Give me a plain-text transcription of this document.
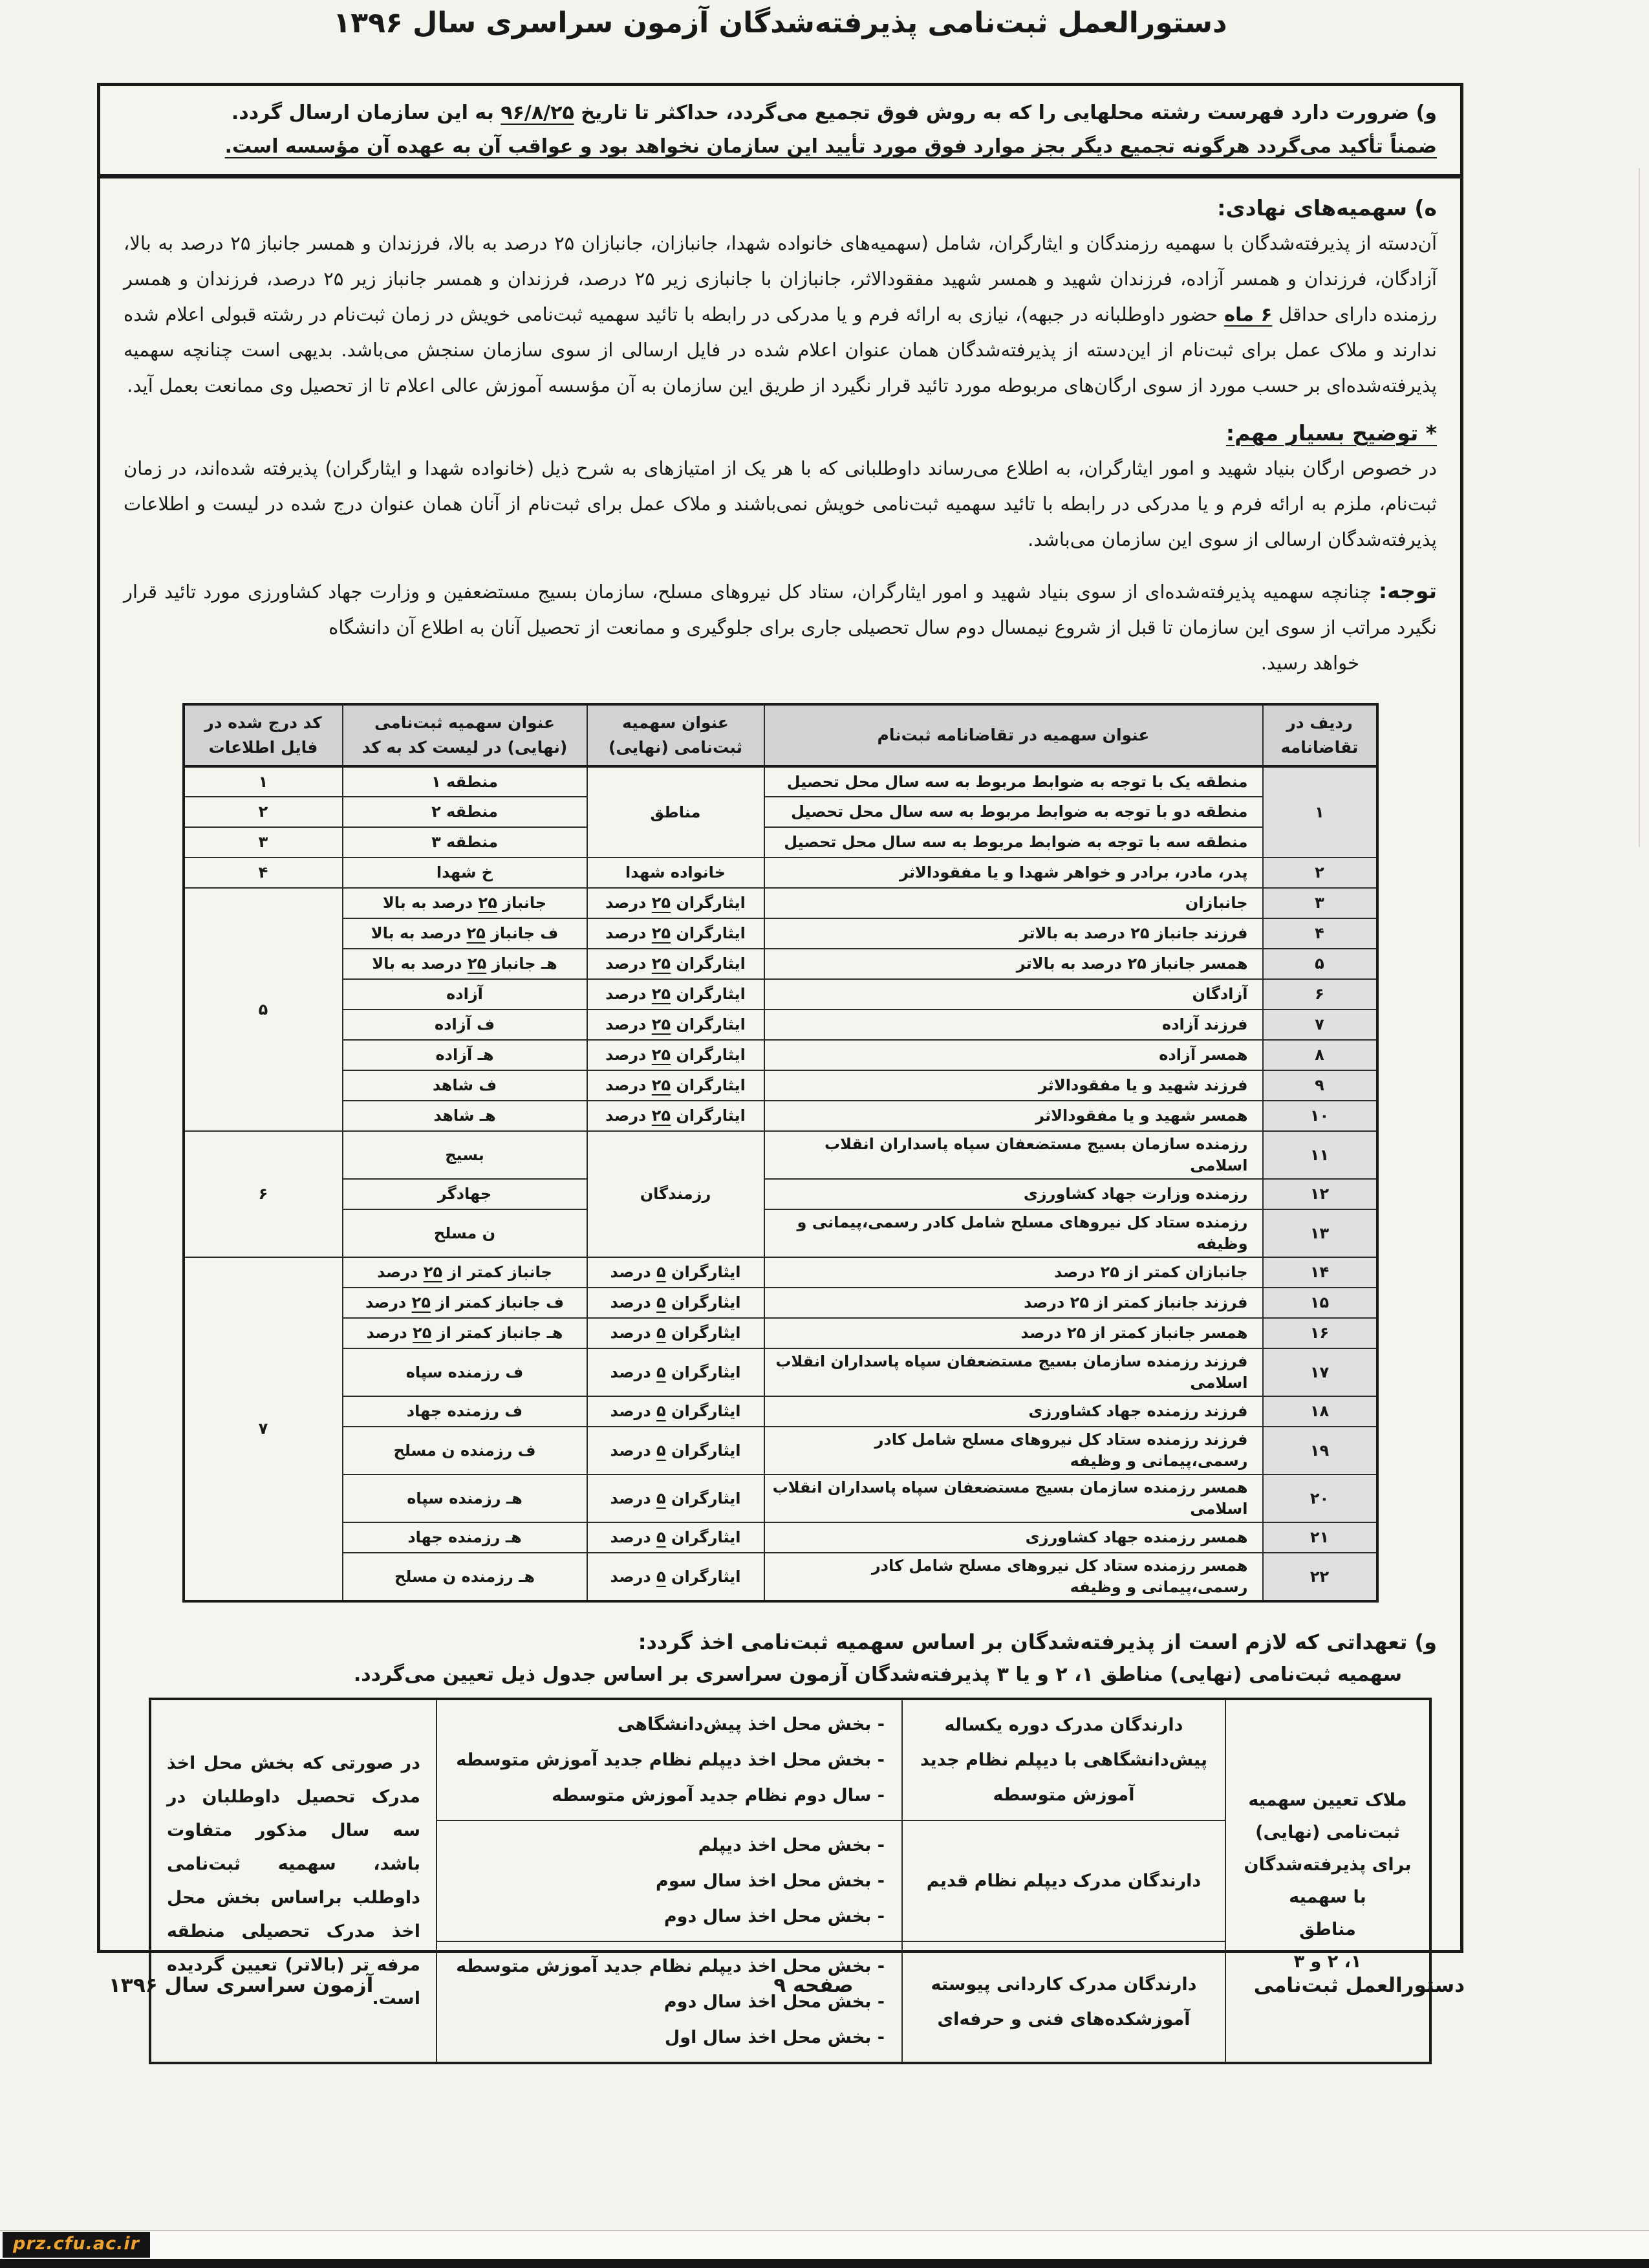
دستورالعمل ثبت‌نامی پذیرفته‌شدگان آزمون سراسری سال ۱۳۹۶

و) ضرورت دارد فهرست رشته محلهایی را که به روش فوق تجمیع می‌گردد، حداکثر تا تاریخ ۹۶/۸/۲۵ به این سازمان ارسال گردد.

ضمناً تأکید می‌گردد هرگونه تجمیع دیگر بجز موارد فوق مورد تأیید این سازمان نخواهد بود و عواقب آن به عهده آن مؤسسه است.

ه) سهمیه‌های نهادی:

آن‌دسته از پذیرفته‌شدگان با سهمیه رزمندگان و ایثارگران، شامل (سهمیه‌های خانواده شهدا، جانبازان، جانبازان ۲۵ درصد به بالا، فرزندان و همسر جانباز ۲۵ درصد به بالا، آزادگان، فرزندان و همسر آزاده، فرزندان شهید و همسر شهید مفقودالاثر، جانبازان با جانبازی زیر ۲۵ درصد، فرزندان و همسر جانباز زیر ۲۵ درصد، فرزندان و همسر رزمنده دارای حداقل ۶ ماه حضور داوطلبانه در جبهه)، نیازی به ارائه فرم و یا مدرکی در رابطه با تائید سهمیه ثبت‌نامی خویش در زمان ثبت‌نام در رشته قبولی اعلام شده ندارند و ملاک عمل برای ثبت‌نام از این‌دسته از پذیرفته‌شدگان همان عنوان اعلام شده در فایل ارسالی از سوی سازمان سنجش می‌باشد. بدیهی است چنانچه سهمیه پذیرفته‌شده‌ای بر حسب مورد از سوی ارگان‌های مربوطه مورد تائید قرار نگیرد از طریق این سازمان به آن مؤسسه آموزش عالی اعلام تا از تحصیل وی ممانعت بعمل آید.

* توضیح بسیار مهم:

در خصوص ارگان بنیاد شهید و امور ایثارگران، به اطلاع می‌رساند داوطلبانی که با هر یک از امتیازهای به شرح ذیل (خانواده شهدا و ایثارگران) پذیرفته شده‌اند، در زمان ثبت‌نام، ملزم به ارائه فرم و یا مدرکی در رابطه با تائید سهمیه ثبت‌نامی خویش نمی‌باشند و ملاک عمل برای ثبت‌نام از آنان همان عنوان درج شده در لیست و اطلاعات پذیرفته‌شدگان ارسالی از سوی این سازمان می‌باشد.

توجه: چنانچه سهمیه پذیرفته‌شده‌ای از سوی بنیاد شهید و امور ایثارگران، ستاد کل نیروهای مسلح، سازمان بسیج مستضعفین و وزارت جهاد کشاورزی مورد تائید قرار نگیرد مراتب از سوی این سازمان تا قبل از شروع نیمسال دوم سال تحصیلی جاری برای جلوگیری و ممانعت از تحصیل آنان به اطلاع آن دانشگاه

خواهد رسید.

ردیف در تقاضانامه	عنوان سهمیه در تقاضانامه ثبت‌نام	عنوان سهمیه ثبت‌نامی (نهایی)	عنوان سهمیه ثبت‌نامی (نهایی) در لیست کد به کد	کد درج شده در فایل اطلاعات
۱	منطقه یک با توجه به ضوابط مربوط به سه سال محل تحصیل	مناطق	منطقه ۱	۱
	منطقه دو با توجه به ضوابط مربوط به سه سال محل تحصیل		منطقه ۲	۲
	منطقه سه با توجه به ضوابط مربوط به سه سال محل تحصیل		منطقه ۳	۳
۲	پدر، مادر، برادر و خواهر شهدا و یا مفقودالاثر	خانواده شهدا	خ شهدا	۴
۳	جانبازان	ایثارگران ۲۵ درصد	جانباز ۲۵ درصد به بالا	۵
۴	فرزند جانباز ۲۵ درصد به بالاتر	ایثارگران ۲۵ درصد	ف جانباز ۲۵ درصد به بالا	
۵	همسر جانباز ۲۵ درصد به بالاتر	ایثارگران ۲۵ درصد	هـ جانباز ۲۵ درصد به بالا	
۶	آزادگان	ایثارگران ۲۵ درصد	آزاده	
۷	فرزند آزاده	ایثارگران ۲۵ درصد	ف آزاده	
۸	همسر آزاده	ایثارگران ۲۵ درصد	هـ آزاده	
۹	فرزند شهید و یا مفقودالاثر	ایثارگران ۲۵ درصد	ف شاهد	
۱۰	همسر شهید و یا مفقودالاثر	ایثارگران ۲۵ درصد	هـ شاهد	
۱۱	رزمنده سازمان بسیج مستضعفان سپاه پاسداران انقلاب اسلامی	رزمندگان	بسیج	۶
۱۲	رزمنده وزارت جهاد کشاورزی		جهادگر	
۱۳	رزمنده ستاد کل نیروهای مسلح شامل کادر رسمی،پیمانی و وظیفه		ن مسلح	
۱۴	جانبازان کمتر از ۲۵ درصد	ایثارگران ۵ درصد	جانباز کمتر از ۲۵ درصد	۷
۱۵	فرزند جانباز کمتر از ۲۵ درصد	ایثارگران ۵ درصد	ف جانباز کمتر از ۲۵ درصد	
۱۶	همسر جانباز کمتر از ۲۵ درصد	ایثارگران ۵ درصد	هـ جانباز کمتر از ۲۵ درصد	
۱۷	فرزند رزمنده سازمان بسیج مستضعفان سپاه پاسداران انقلاب اسلامی	ایثارگران ۵ درصد	ف رزمنده سپاه	
۱۸	فرزند رزمنده جهاد کشاورزی	ایثارگران ۵ درصد	ف رزمنده جهاد	
۱۹	فرزند رزمنده ستاد کل نیروهای مسلح شامل کادر رسمی،پیمانی و وظیفه	ایثارگران ۵ درصد	ف رزمنده ن مسلح	
۲۰	همسر رزمنده سازمان بسیج مستضعفان سپاه پاسداران انقلاب اسلامی	ایثارگران ۵ درصد	هـ رزمنده سپاه	
۲۱	همسر رزمنده جهاد کشاورزی	ایثارگران ۵ درصد	هـ رزمنده جهاد	
۲۲	همسر رزمنده ستاد کل نیروهای مسلح شامل کادر رسمی،پیمانی و وظیفه	ایثارگران ۵ درصد	هـ رزمنده ن مسلح	
و) تعهداتی که لازم است از پذیرفته‌شدگان بر اساس سهمیه ثبت‌نامی اخذ گردد:

سهمیه ثبت‌نامی (نهایی) مناطق ۱، ۲ و یا ۳ پذیرفته‌شدگان آزمون سراسری بر اساس جدول ذیل تعیین می‌گردد.

ملاک تعیین سهمیه
ثبت‌نامی (نهایی)
برای پذیرفته‌شدگان با سهمیه
مناطق
۱، ۲ و ۳	دارندگان مدرک دوره یکساله پیش‌دانشگاهی با دیپلم نظام جدید آموزش متوسطه	- بخش محل اخذ پیش‌دانشگاهی
- بخش محل اخذ دیپلم نظام جدید آموزش متوسطه
- سال دوم نظام جدید آموزش متوسطه	در صورتی که بخش محل اخذ مدرک تحصیل داوطلبان در سه سال مذکور متفاوت باشد، سهمیه ثبت‌نامی داوطلب براساس بخش محل اخذ مدرک تحصیلی منطقه مرفه تر (بالاتر) تعیین گردیده است.
	دارندگان مدرک دیپلم نظام قدیم	- بخش محل اخذ دیپلم
- بخش محل اخذ سال سوم
- بخش محل اخذ سال دوم	
	دارندگان مدرک کاردانی پیوسته آموزشکده‌های فنی و حرفه‌ای	- بخش محل اخذ دیپلم نظام جدید آموزش متوسطه
- بخش محل اخذ سال دوم
- بخش محل اخذ سال اول	
دستورالعمل ثبت‌نامی
صفحه ۹
آزمون سراسری سال ۱۳۹۶
prz.cfu.ac.ir
